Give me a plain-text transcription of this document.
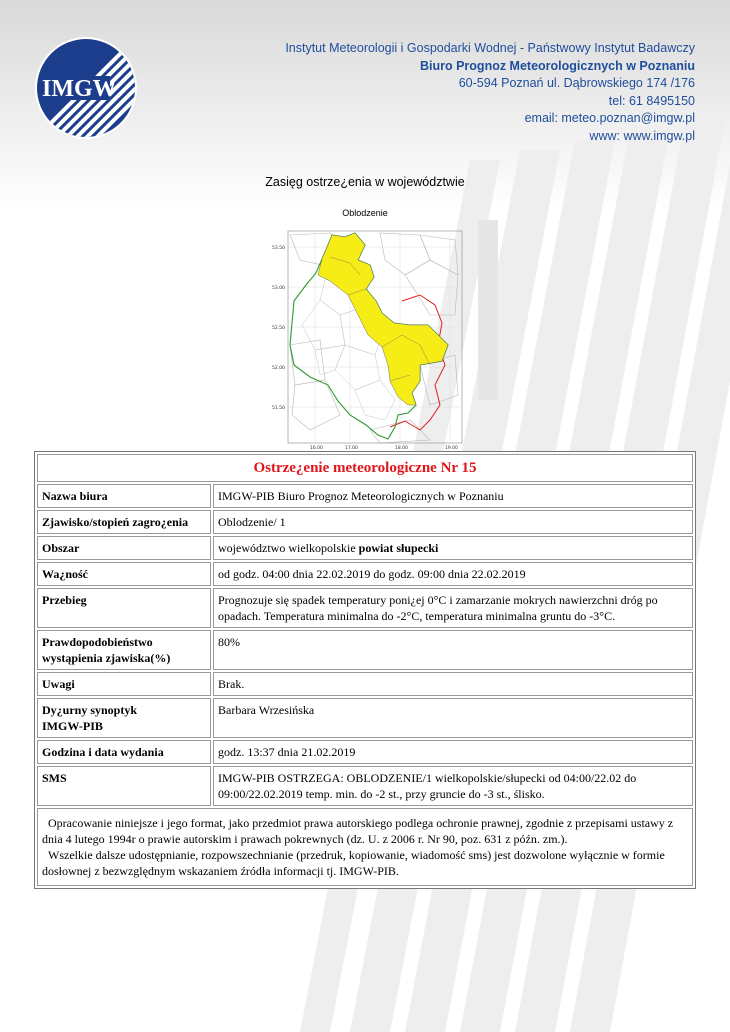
IMGW
Instytut Meteorologii i Gospodarki Wodnej - Państwowy Instytut Badawczy
Biuro Prognoz Meteorologicznych w Poznaniu
60-594 Poznań ul. Dąbrowskiego 174 /176
tel: 61 8495150
email: meteo.poznan@imgw.pl
www: www.imgw.pl
Zasięg ostrze¿enia w województwie
53.50
53.00
52.50
52.00
51.50
16.00	17.00	18.00	19.00
Oblodzenie
Ostrze¿enie meteorologiczne Nr 15	
Nazwa biura	IMGW-PIB Biuro Prognoz Meteorologicznych w Poznaniu
Zjawisko/stopień zagro¿enia	Oblodzenie/ 1
Obszar	województwo wielkopolskie powiat słupecki
Wa¿ność	od godz. 04:00 dnia 22.02.2019 do godz. 09:00 dnia 22.02.2019
Przebieg	Prognozuje się spadek temperatury poni¿ej 0°C i zamarzanie mokrych nawierzchni dróg po opadach. Temperatura minimalna do -2°C, temperatura minimalna gruntu do -3°C.
Prawdopodobieństwo wystąpienia zjawiska(%)	80%
Uwagi	Brak.

Dy¿urny synoptyk
IMGW-PIB	Barbara Wrzesińska
Godzina i data wydania	godz. 13:37 dnia 21.02.2019
SMS	IMGW-PIB OSTRZEGA: OBLODZENIE/1 wielkopolskie/słupecki od 04:00/22.02 do 09:00/22.02.2019 temp. min. do -2 st., przy gruncie do -3 st., ślisko.

Opracowanie niniejsze i jego format, jako przedmiot prawa autorskiego podlega ochronie prawnej, zgodnie z przepisami ustawy z dnia 4 lutego 1994r o prawie autorskim i prawach pokrewnych (dz. U. z 2006 r. Nr 90, poz. 631 z późn. zm.).
Wszelkie dalsze udostępnianie, rozpowszechnianie (przedruk, kopiowanie, wiadomość sms) jest dozwolone wyłącznie w formie dosłownej z bezwzględnym wskazaniem źródła informacji tj. IMGW-PIB.	
